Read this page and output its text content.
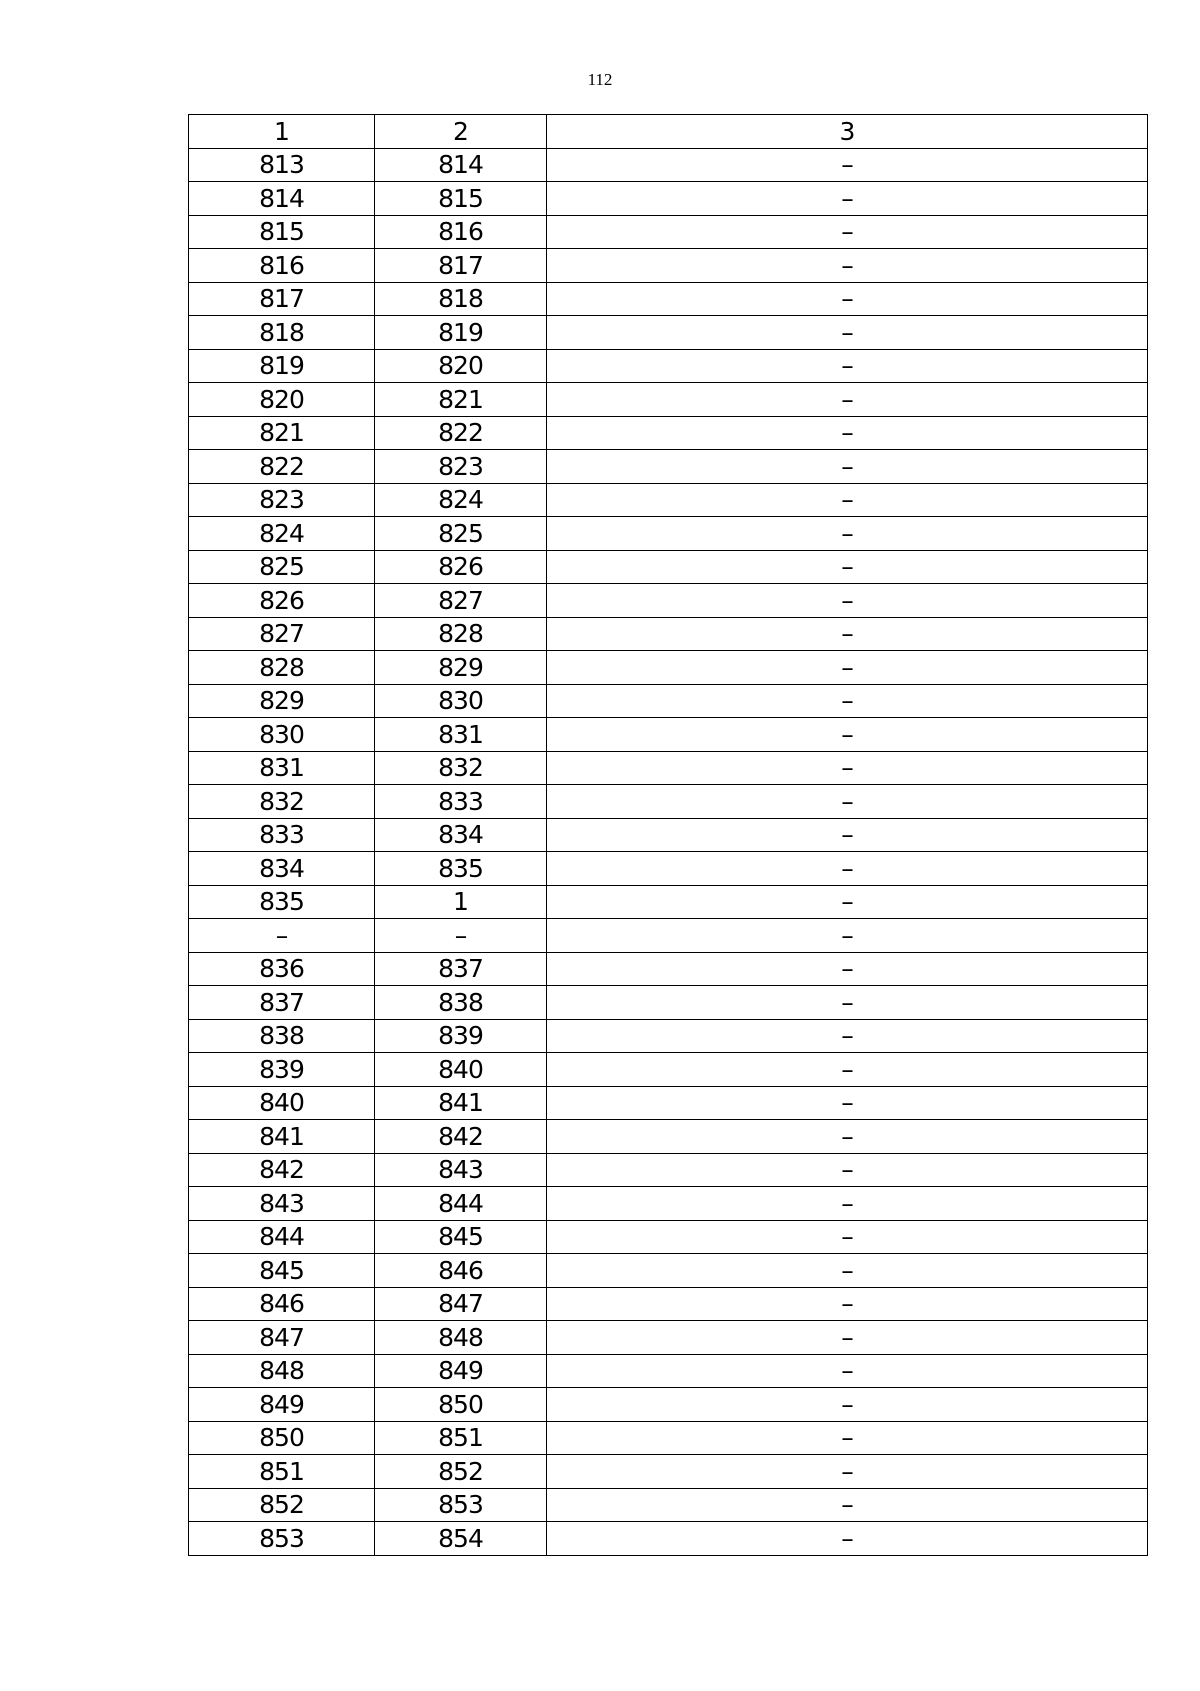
112
1	2	3
813	814	–
814	815	–
815	816	–
816	817	–
817	818	–
818	819	–
819	820	–
820	821	–
821	822	–
822	823	–
823	824	–
824	825	–
825	826	–
826	827	–
827	828	–
828	829	–
829	830	–
830	831	–
831	832	–
832	833	–
833	834	–
834	835	–
835	1	–
–	–	–
836	837	–
837	838	–
838	839	–
839	840	–
840	841	–
841	842	–
842	843	–
843	844	–
844	845	–
845	846	–
846	847	–
847	848	–
848	849	–
849	850	–
850	851	–
851	852	–
852	853	–
853	854	–
